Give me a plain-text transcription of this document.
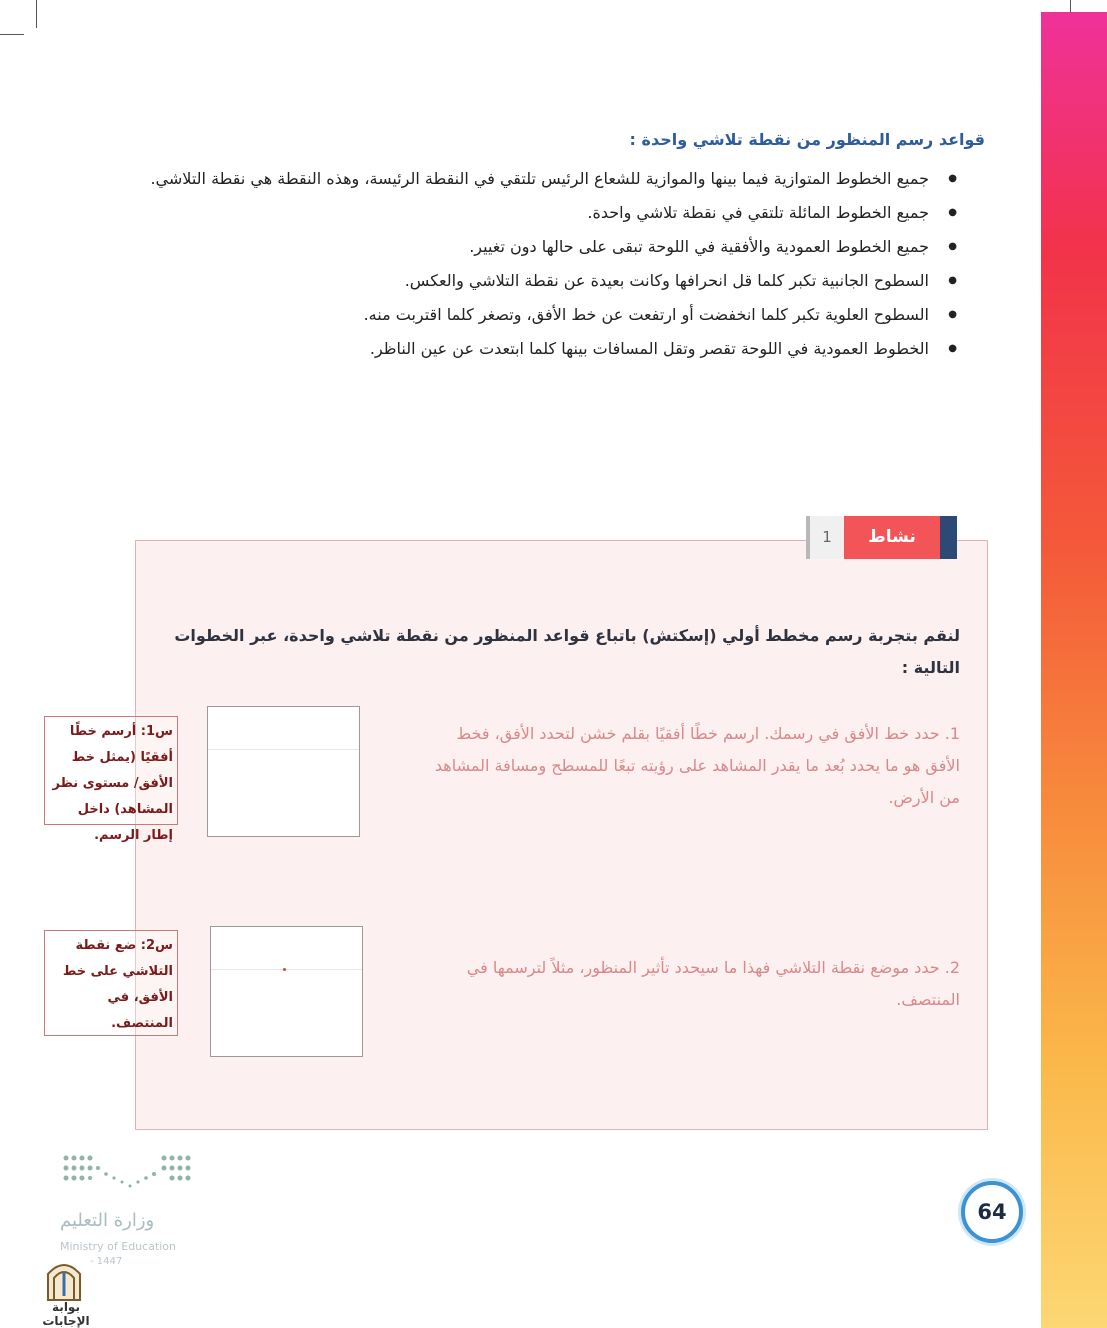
قواعد رسم المنظور من نقطة تلاشي واحدة :
● جميع الخطوط المتوازية فيما بينها والموازية للشعاع الرئيس تلتقي في النقطة الرئيسة، وهذه النقطة هي نقطة التلاشي.
● جميع الخطوط المائلة تلتقي في نقطة تلاشي واحدة.
● جميع الخطوط العمودية والأفقية في اللوحة تبقى على حالها دون تغيير.
● السطوح الجانبية تكبر كلما قل انحرافها وكانت بعيدة عن نقطة التلاشي والعكس.
● السطوح العلوية تكبر كلما انخفضت أو ارتفعت عن خط الأفق، وتصغر كلما اقتربت منه.
● الخطوط العمودية في اللوحة تقصر وتقل المسافات بينها كلما ابتعدت عن عين الناظر.
1	نشاط
لنقم بتجربة رسم مخطط أولي (إسكتش) باتباع قواعد المنظور من نقطة تلاشي واحدة، عبر الخطوات التالية :
1. حدد خط الأفق في رسمك. ارسم خطًا أفقيًا بقلم خشن لتحدد الأفق، فخط الأفق هو ما يحدد بُعد ما يقدر المشاهد على رؤيته تبعًا للمسطح ومسافة المشاهد من الأرض.
2. حدد موضع نقطة التلاشي فهذا ما سيحدد تأثير المنظور، مثلاً لترسمها في المنتصف.
س1: أرسم خطًا أفقيًا (يمثل خط الأفق/ مستوى نظر المشاهد) داخل إطار الرسم.
س2: ضع نقطة التلاشي على خط الأفق، في المنتصف.
64
وزارة التعليم
Ministry of Education
- 1447
بوابة الإجابات
